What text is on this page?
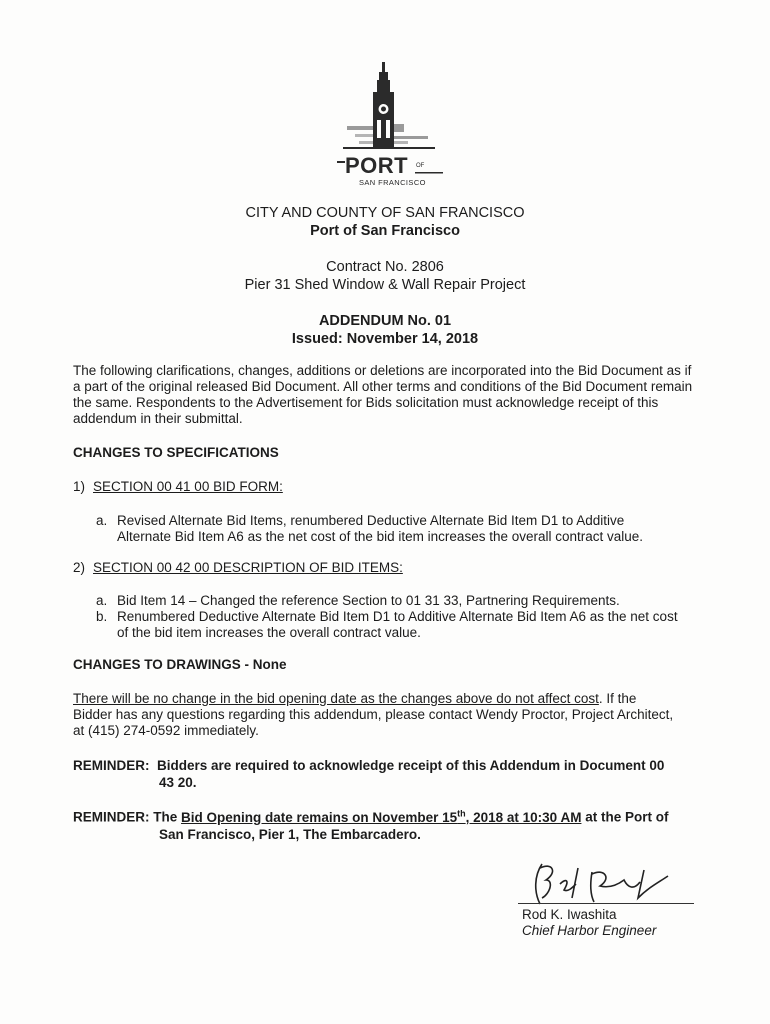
PORT OF
SAN FRANCISCO
CITY AND COUNTY OF SAN FRANCISCO
Port of San Francisco
Contract No. 2806
Pier 31 Shed Window & Wall Repair Project
ADDENDUM No. 01
Issued: November 14, 2018
The following clarifications, changes, additions or deletions are incorporated into the Bid Document as if a part of the original released Bid Document. All other terms and conditions of the Bid Document remain the same. Respondents to the Advertisement for Bids solicitation must acknowledge receipt of this addendum in their submittal.
CHANGES TO SPECIFICATIONS
1) SECTION 00 41 00 BID FORM:
a. Revised Alternate Bid Items, renumbered Deductive Alternate Bid Item D1 to Additive
Alternate Bid Item A6 as the net cost of the bid item increases the overall contract value.
2) SECTION 00 42 00 DESCRIPTION OF BID ITEMS:
a. Bid Item 14 – Changed the reference Section to 01 31 33, Partnering Requirements.
b. Renumbered Deductive Alternate Bid Item D1 to Additive Alternate Bid Item A6 as the net cost
of the bid item increases the overall contract value.
CHANGES TO DRAWINGS - None
There will be no change in the bid opening date as the changes above do not affect cost. If the
Bidder has any questions regarding this addendum, please contact Wendy Proctor, Project Architect,
at (415) 274-0592 immediately.
REMINDER: Bidders are required to acknowledge receipt of this Addendum in Document 00
43 20.
REMINDER: The Bid Opening date remains on November 15th, 2018 at 10:30 AM at the Port of
San Francisco, Pier 1, The Embarcadero.
Rod K. Iwashita
Chief Harbor Engineer
